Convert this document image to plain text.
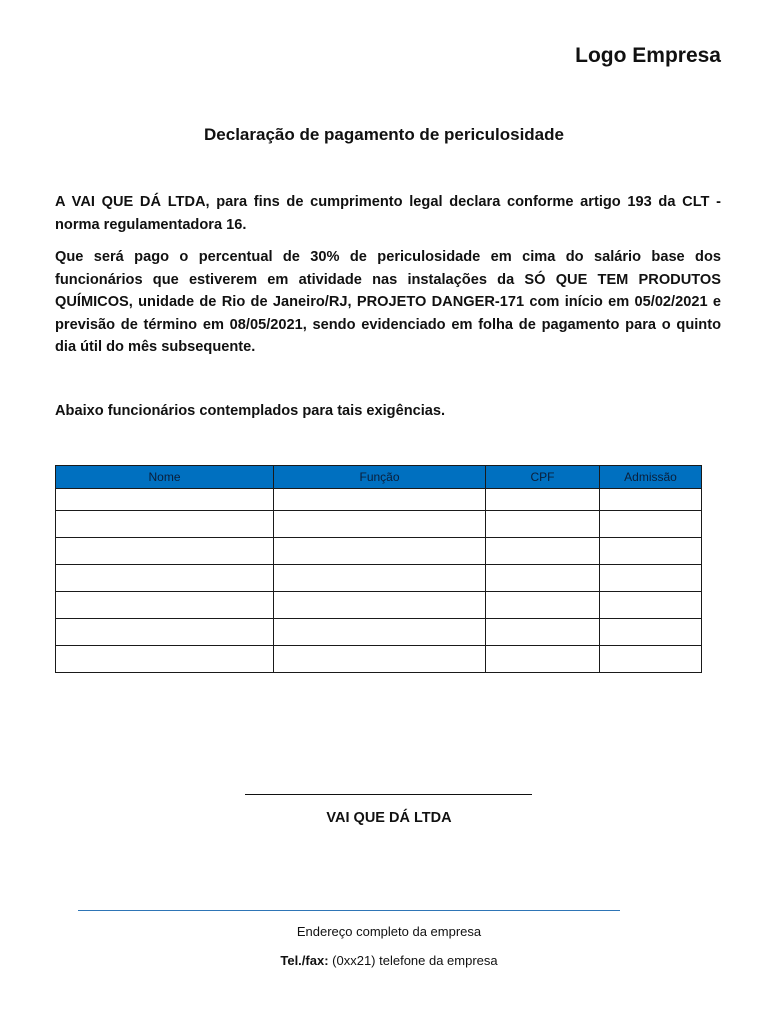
Logo Empresa
Declaração de pagamento de periculosidade
A VAI QUE DÁ LTDA, para fins de cumprimento legal declara conforme artigo 193 da CLT - norma regulamentadora 16.
Que será pago o percentual de 30% de periculosidade em cima do salário base dos funcionários que estiverem em atividade nas instalações da SÓ QUE TEM PRODUTOS QUÍMICOS, unidade de Rio de Janeiro/RJ, PROJETO DANGER-171 com início em 05/02/2021 e previsão de término em 08/05/2021, sendo evidenciado em folha de pagamento para o quinto dia útil do mês subsequente.
Abaixo funcionários contemplados para tais exigências.
Nome	Função	CPF	Admissão

VAI QUE DÁ LTDA
Endereço completo da empresa
Tel./fax: (0xx21) telefone da empresa
